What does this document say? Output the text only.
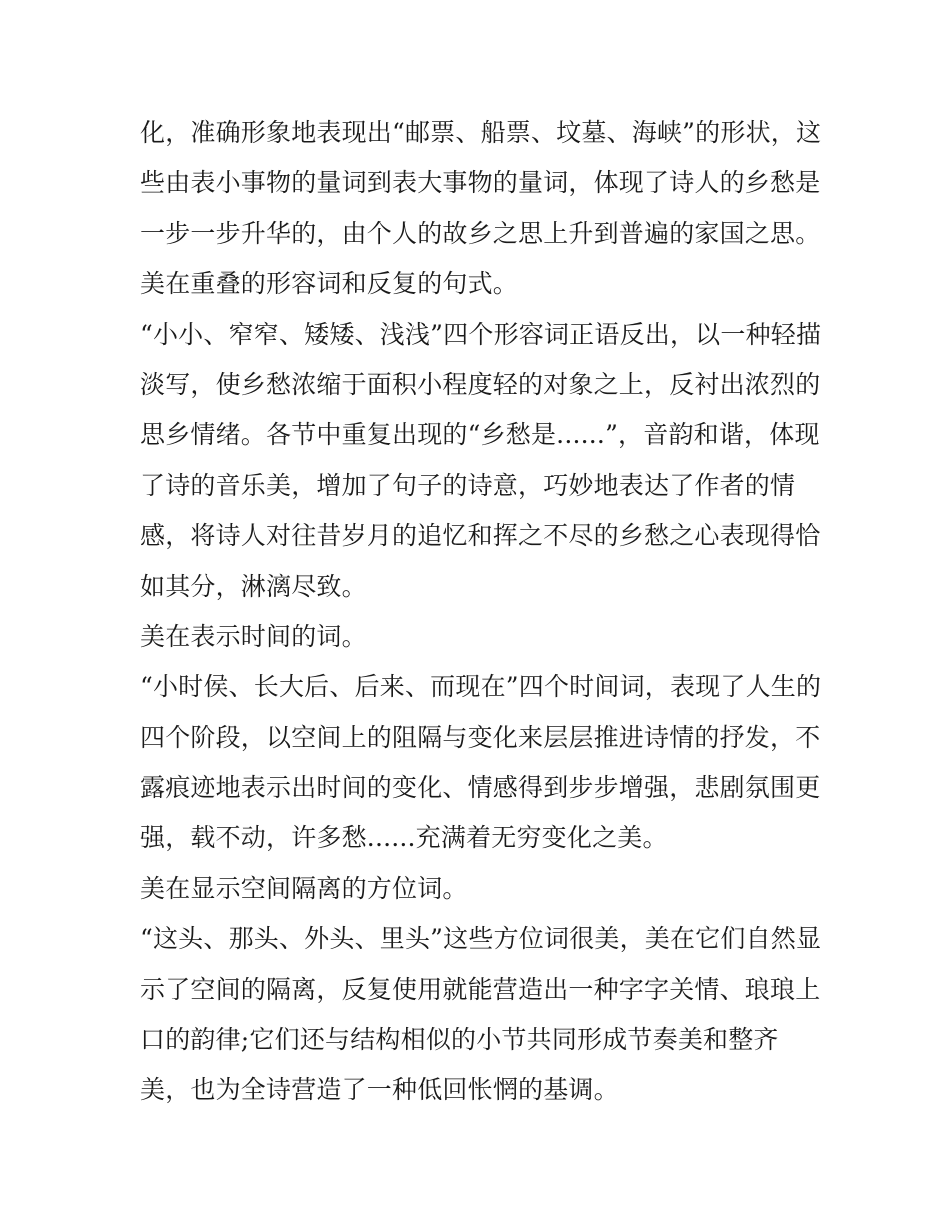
化，准确形象地表现出“邮票、船票、坟墓、海峡”的形状，这
些由表小事物的量词到表大事物的量词，体现了诗人的乡愁是
一步一步升华的，由个人的故乡之思上升到普遍的家国之思。
美在重叠的形容词和反复的句式。
“小小、窄窄、矮矮、浅浅”四个形容词正语反出，以一种轻描
淡写，使乡愁浓缩于面积小程度轻的对象之上，反衬出浓烈的
思乡情绪。各节中重复出现的“乡愁是......”，音韵和谐，体现
了诗的音乐美，增加了句子的诗意，巧妙地表达了作者的情
感，将诗人对往昔岁月的追忆和挥之不尽的乡愁之心表现得恰
如其分，淋漓尽致。
美在表示时间的词。
“小时侯、长大后、后来、而现在”四个时间词，表现了人生的
四个阶段，以空间上的阻隔与变化来层层推进诗情的抒发，不
露痕迹地表示出时间的变化、情感得到步步增强，悲剧氛围更
强，载不动，许多愁......充满着无穷变化之美。
美在显示空间隔离的方位词。
“这头、那头、外头、里头”这些方位词很美，美在它们自然显
示了空间的隔离，反复使用就能营造出一种字字关情、琅琅上
口的韵律;它们还与结构相似的小节共同形成节奏美和整齐
美，也为全诗营造了一种低回怅惘的基调。
